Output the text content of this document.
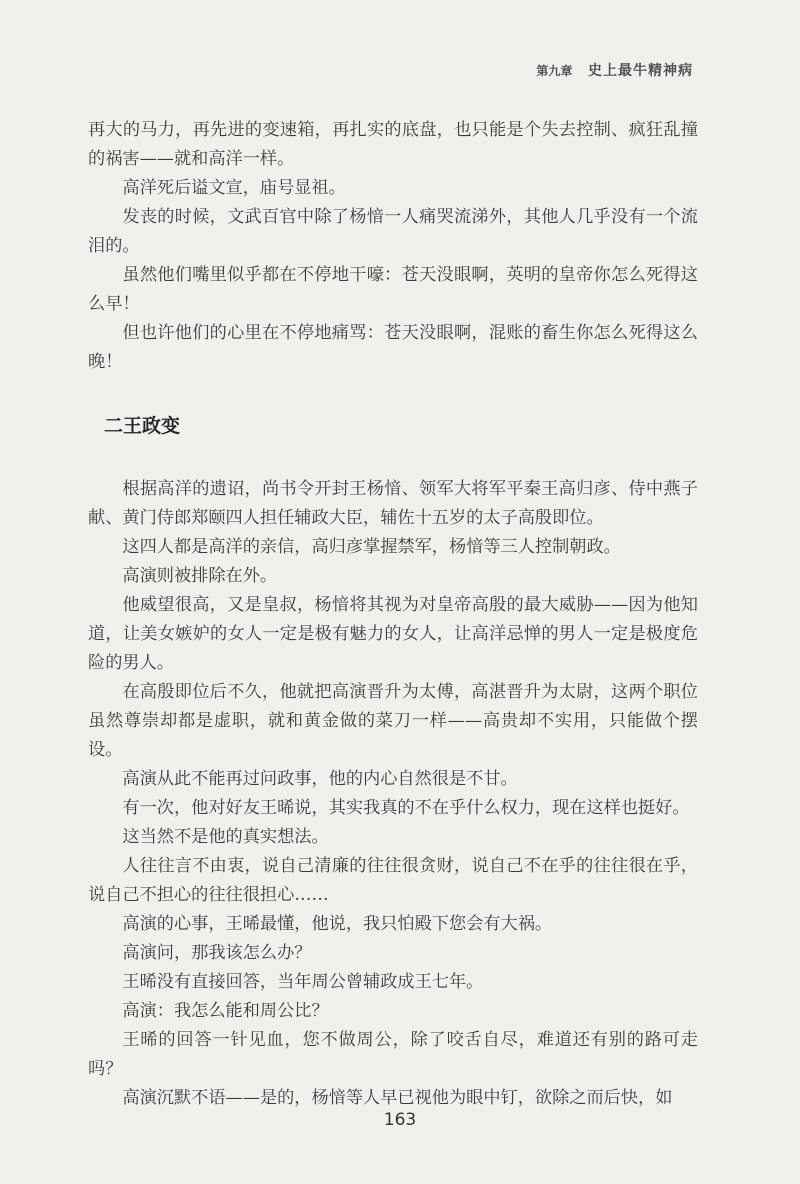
第九章 史上最牛精神病

再大的马力，再先进的变速箱，再扎实的底盘，也只能是个失去控制、疯狂乱撞的祸害——就和高洋一样。

高洋死后谥文宣，庙号显祖。

发丧的时候，文武百官中除了杨愔一人痛哭流涕外，其他人几乎没有一个流泪的。

虽然他们嘴里似乎都在不停地干嚎：苍天没眼啊，英明的皇帝你怎么死得这么早！

但也许他们的心里在不停地痛骂：苍天没眼啊，混账的畜生你怎么死得这么晚！

二王政变

根据高洋的遗诏，尚书令开封王杨愔、领军大将军平秦王高归彦、侍中燕子献、黄门侍郎郑颐四人担任辅政大臣，辅佐十五岁的太子高殷即位。

这四人都是高洋的亲信，高归彦掌握禁军，杨愔等三人控制朝政。

高演则被排除在外。

他威望很高，又是皇叔，杨愔将其视为对皇帝高殷的最大威胁——因为他知道，让美女嫉妒的女人一定是极有魅力的女人，让高洋忌惮的男人一定是极度危险的男人。

在高殷即位后不久，他就把高演晋升为太傅，高湛晋升为太尉，这两个职位虽然尊崇却都是虚职，就和黄金做的菜刀一样——高贵却不实用，只能做个摆设。

高演从此不能再过问政事，他的内心自然很是不甘。

有一次，他对好友王晞说，其实我真的不在乎什么权力，现在这样也挺好。

这当然不是他的真实想法。

人往往言不由衷，说自己清廉的往往很贪财，说自己不在乎的往往很在乎，说自己不担心的往往很担心……

高演的心事，王晞最懂，他说，我只怕殿下您会有大祸。

高演问，那我该怎么办？

王晞没有直接回答，当年周公曾辅政成王七年。

高演：我怎么能和周公比？

王晞的回答一针见血，您不做周公，除了咬舌自尽，难道还有别的路可走吗？

高演沉默不语——是的，杨愔等人早已视他为眼中钉，欲除之而后快，如

163
